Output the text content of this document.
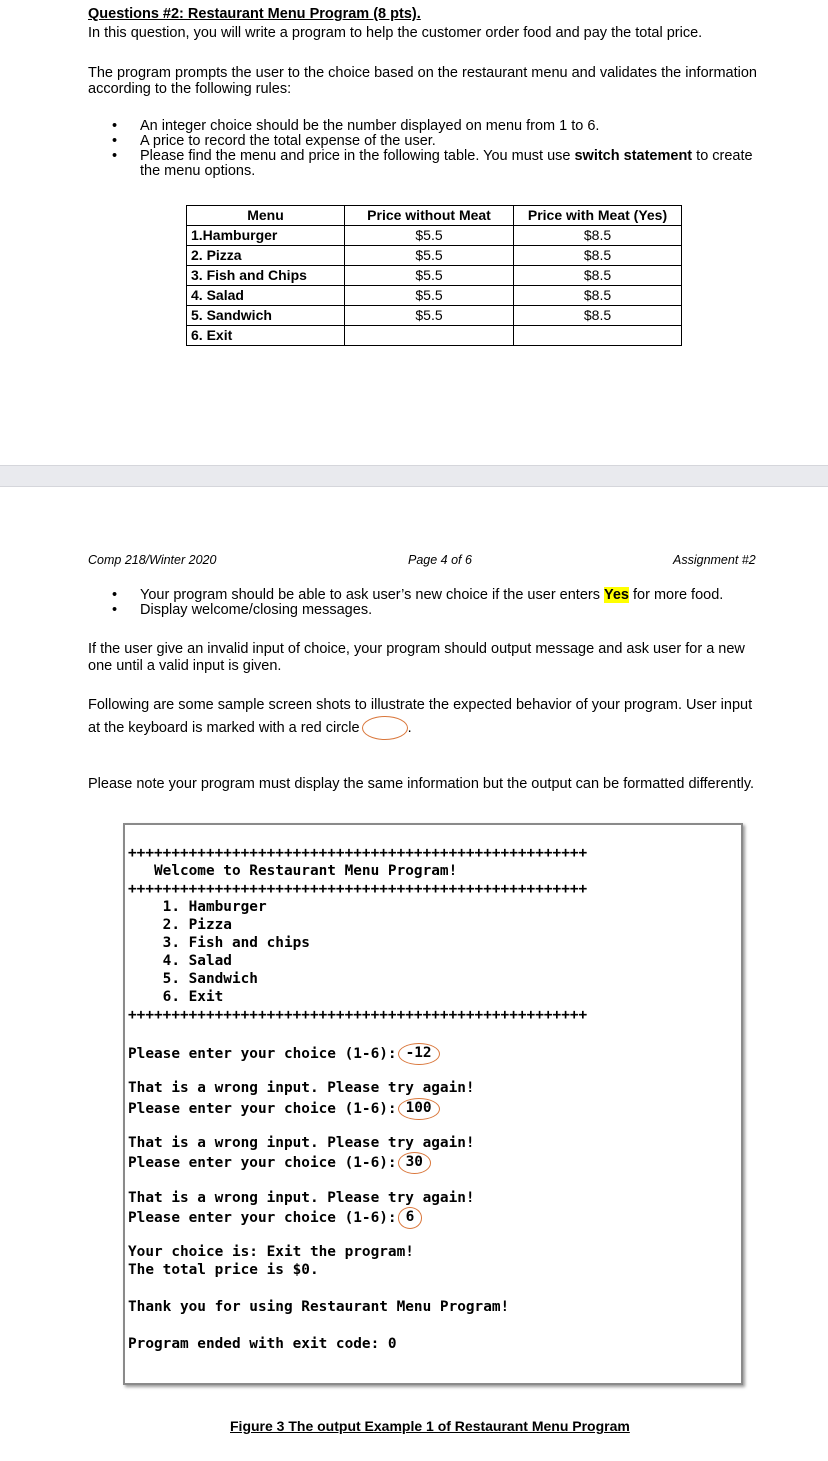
Questions #2: Restaurant Menu Program (8 pts).
In this question, you will write a program to help the customer order food and pay the total price.
The program prompts the user to the choice based on the restaurant menu and validates the information
according to the following rules:
• An integer choice should be the number displayed on menu from 1 to 6.
• A price to record the total expense of the user.
• Please find the menu and price in the following table. You must use switch statement to create
the menu options.
Menu	Price without Meat	Price with Meat (Yes)
1.Hamburger	$5.5	$8.5
2. Pizza	$5.5	$8.5
3. Fish and Chips	$5.5	$8.5
4. Salad	$5.5	$8.5
5. Sandwich	$5.5	$8.5
6. Exit		
Comp 218/Winter 2020	Page 4 of 6	Assignment #2
• Your program should be able to ask user’s new choice if the user enters Yes for more food.
• Display welcome/closing messages.
If the user give an invalid input of choice, your program should output message and ask user for a new
one until a valid input is given.
Following are some sample screen shots to illustrate the expected behavior of your program. User input
at the keyboard is marked with a red circle	.
Please note your program must display the same information but the output can be formatted differently.
+++++++++++++++++++++++++++++++++++++++++++++++++++++
Welcome to Restaurant Menu Program!
+++++++++++++++++++++++++++++++++++++++++++++++++++++
1. Hamburger
2. Pizza
3. Fish and chips
4. Salad
5. Sandwich
6. Exit
+++++++++++++++++++++++++++++++++++++++++++++++++++++
Please enter your choice (1-6): -12
That is a wrong input. Please try again!
Please enter your choice (1-6): 100
That is a wrong input. Please try again!
Please enter your choice (1-6): 30
That is a wrong input. Please try again!
Please enter your choice (1-6): 6
Your choice is: Exit the program!
The total price is $0.
Thank you for using Restaurant Menu Program!
Program ended with exit code: 0
Figure 3 The output Example 1 of Restaurant Menu Program
